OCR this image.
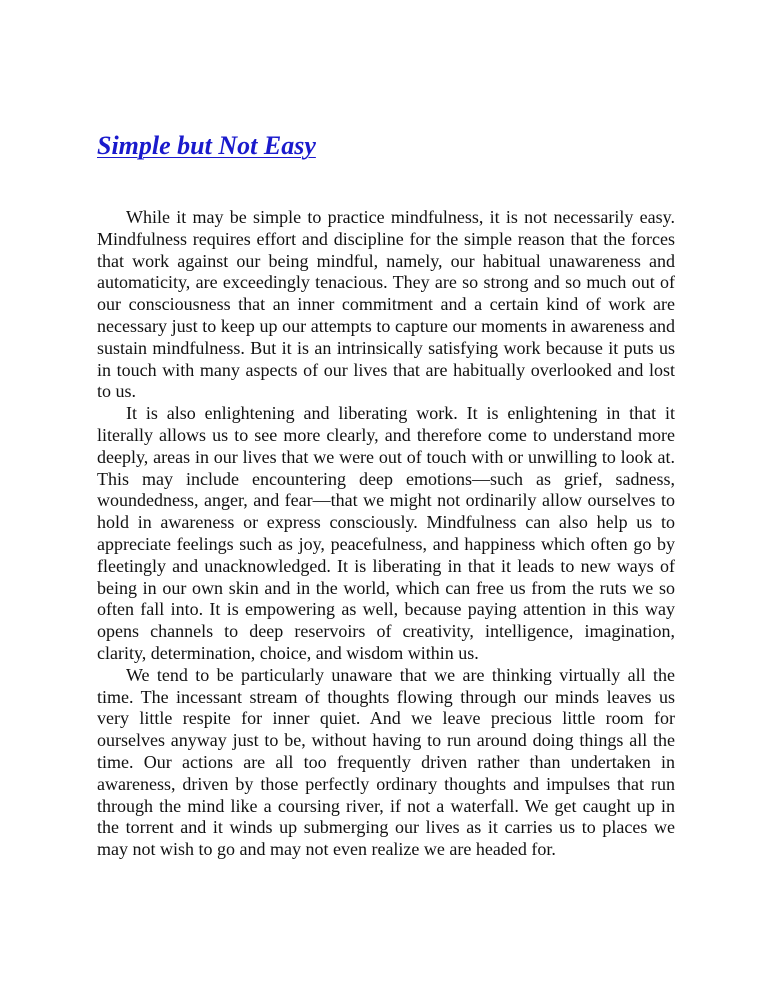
Simple but Not Easy

While it may be simple to practice mindfulness, it is not necessarily easy. Mindfulness requires effort and discipline for the simple reason that the forces that work against our being mindful, namely, our habitual unawareness and automaticity, are exceedingly tenacious. They are so strong and so much out of our consciousness that an inner commitment and a certain kind of work are necessary just to keep up our attempts to capture our moments in awareness and sustain mindfulness. But it is an intrinsically satisfying work because it puts us in touch with many aspects of our lives that are habitually overlooked and lost to us.

It is also enlightening and liberating work. It is enlightening in that it literally allows us to see more clearly, and therefore come to understand more deeply, areas in our lives that we were out of touch with or unwilling to look at. This may include encountering deep emotions—such as grief, sadness, woundedness, anger, and fear—that we might not ordinarily allow ourselves to hold in awareness or express consciously. Mindfulness can also help us to appreciate feelings such as joy, peacefulness, and happiness which often go by fleetingly and unacknowledged. It is liberating in that it leads to new ways of being in our own skin and in the world, which can free us from the ruts we so often fall into. It is empowering as well, because paying attention in this way opens channels to deep reservoirs of creativity, intelligence, imagination, clarity, determination, choice, and wisdom within us.

We tend to be particularly unaware that we are thinking virtually all the time. The incessant stream of thoughts flowing through our minds leaves us very little respite for inner quiet. And we leave precious little room for ourselves anyway just to be, without having to run around doing things all the time. Our actions are all too frequently driven rather than undertaken in awareness, driven by those perfectly ordinary thoughts and impulses that run through the mind like a coursing river, if not a waterfall. We get caught up in the torrent and it winds up submerging our lives as it carries us to places we may not wish to go and may not even realize we are headed for.
